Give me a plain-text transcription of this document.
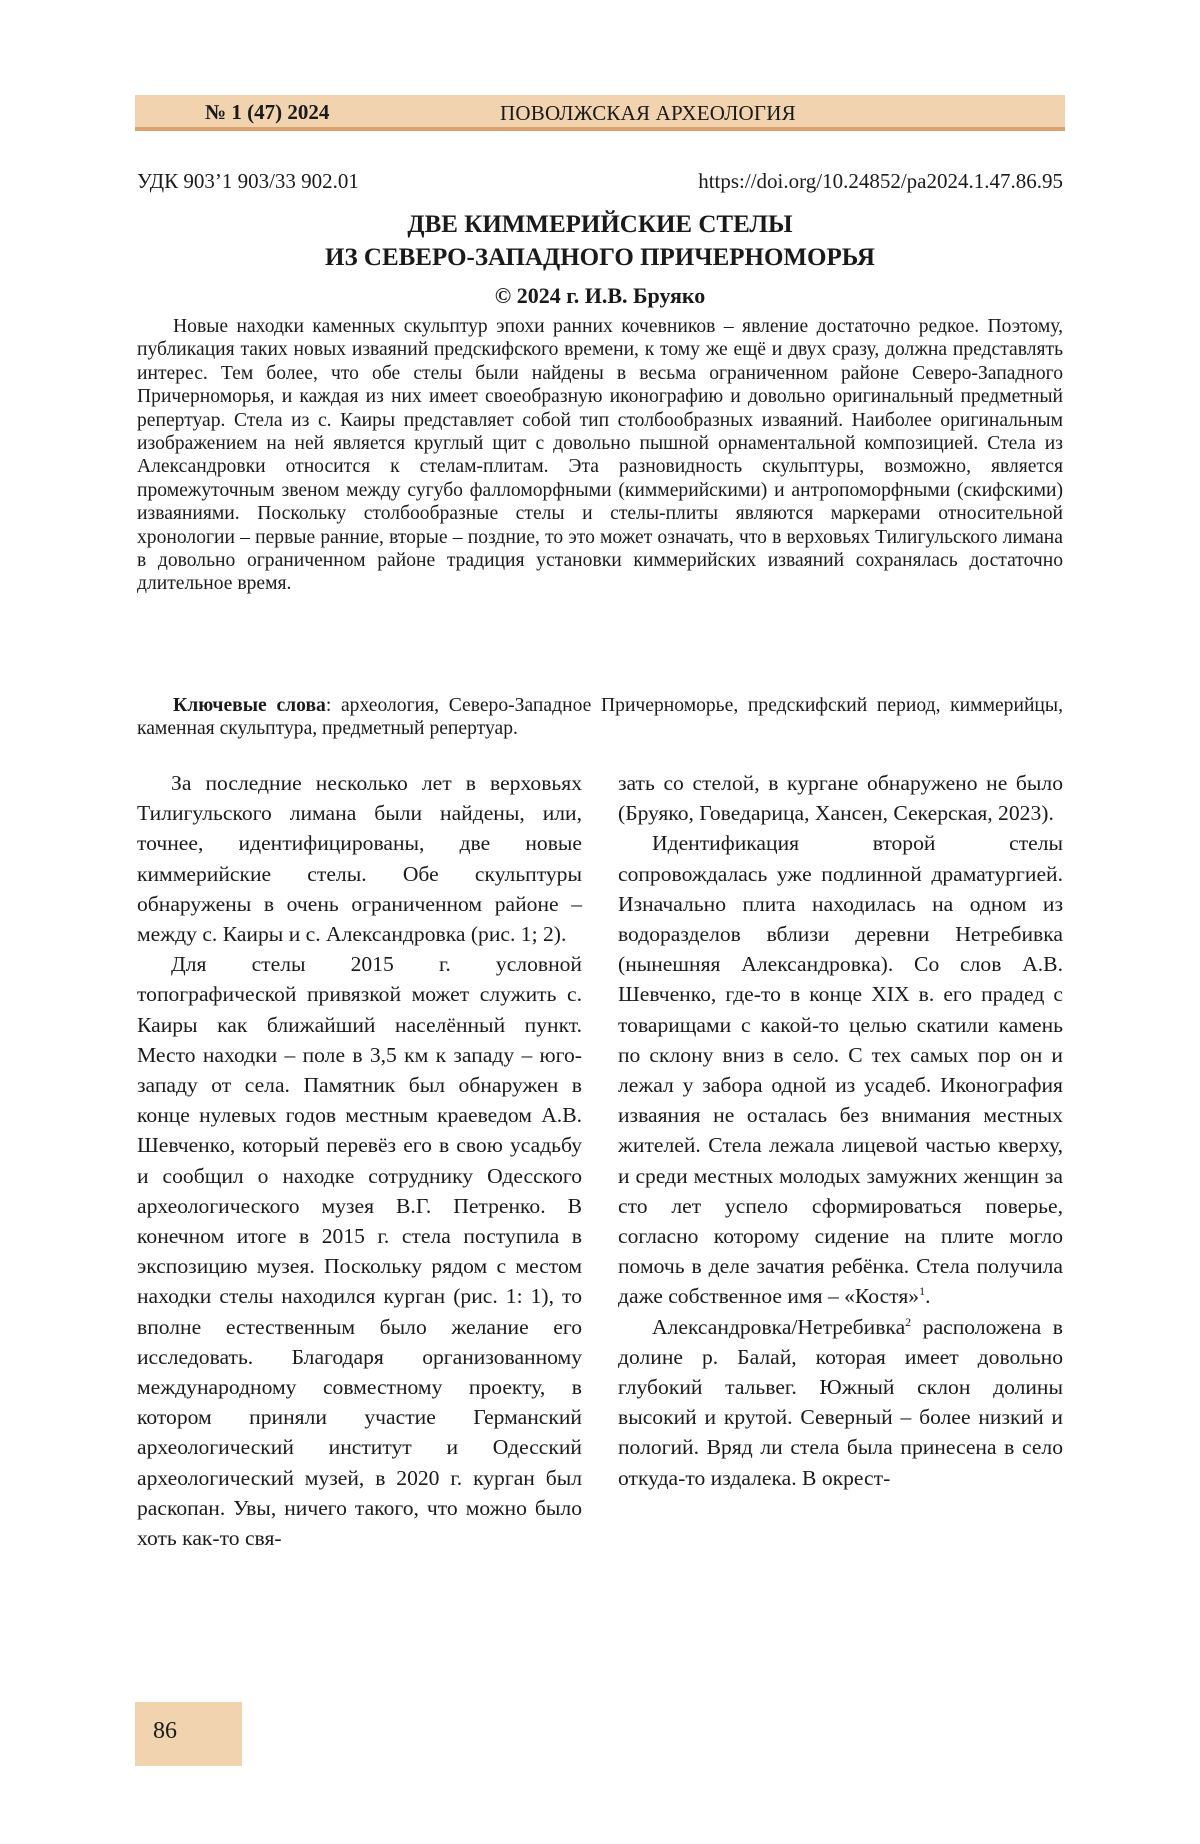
№ 1 (47) 2024	ПОВОЛЖСКАЯ АРХЕОЛОГИЯ
УДК 903’1 903/33 902.01	https://doi.org/10.24852/pa2024.1.47.86.95
ДВЕ КИММЕРИЙСКИЕ СТЕЛЫ
ИЗ СЕВЕРО-ЗАПАДНОГО ПРИЧЕРНОМОРЬЯ
© 2024 г. И.В. Бруяко

Новые находки каменных скульптур эпохи ранних кочевников – явление достаточно редкое. Поэтому, публикация таких новых изваяний предскифского времени, к тому же ещё и двух сразу, должна представлять интерес. Тем более, что обе стелы были найдены в весьма ограниченном районе Северо-Западного Причерноморья, и каждая из них имеет своеобразную иконографию и довольно оригинальный предметный репертуар. Стела из с. Каиры представляет собой тип столбообразных изваяний. Наиболее оригинальным изображением на ней является круглый щит с довольно пышной орнаментальной композицией. Стела из Александровки относится к стелам-плитам. Эта разновидность скульптуры, возможно, является промежуточным звеном между сугубо фалломорфными (киммерийскими) и антропоморфными (скифскими) изваяниями. Поскольку столбообразные стелы и стелы-плиты являются маркерами относительной хронологии – первые ранние, вторые – поздние, то это может означать, что в верховьях Тилигульского лимана в довольно ограниченном районе традиция установки киммерийских изваяний сохранялась достаточно длительное время.

Ключевые слова: археология, Северо-Западное Причерноморье, предскифский период, киммерийцы, каменная скульптура, предметный репертуар.

За последние несколько лет в верховьях Тилигульского лимана были найдены, или, точнее, идентифицированы, две новые киммерийские стелы. Обе скульптуры обнаружены в очень ограниченном районе – между с. Каиры и с. Александровка (рис. 1; 2).

Для стелы 2015 г. условной топографической привязкой может служить с. Каиры как ближайший населённый пункт. Место находки – поле в 3,5 км к западу – юго-западу от села. Памятник был обнаружен в конце нулевых годов местным краеведом А.В. Шевченко, который перевёз его в свою усадьбу и сообщил о находке сотруднику Одесского археологического музея В.Г. Петренко. В конечном итоге в 2015 г. стела поступила в экспозицию музея. Поскольку рядом с местом находки стелы находился курган (рис. 1: 1), то вполне естественным было желание его исследовать. Благодаря организованному международному совместному проекту, в котором приняли участие Германский археологический институт и Одесский археологический музей, в 2020 г. курган был раскопан. Увы, ничего такого, что можно было хоть как-то свя-

зать со стелой, в кургане обнаружено не было (Бруяко, Говедарица, Хансен, Секерская, 2023).

Идентификация второй стелы сопровождалась уже подлинной драматургией. Изначально плита находилась на одном из водоразделов вблизи деревни Нетребивка (нынешняя Александровка). Со слов А.В. Шевченко, где-то в конце XIX в. его прадед с товарищами с какой-то целью скатили камень по склону вниз в село. С тех самых пор он и лежал у забора одной из усадеб. Иконография изваяния не осталась без внимания местных жителей. Стела лежала лицевой частью кверху, и среди местных молодых замужних женщин за сто лет успело сформироваться поверье, согласно которому сидение на плите могло помочь в деле зачатия ребёнка. Стела получила даже собственное имя – «Костя»$^1$.

Александровка/Нетребивка$^2$ расположена в долине р. Балай, которая имеет довольно глубокий тальвег. Южный склон долины высокий и крутой. Северный – более низкий и пологий. Вряд ли стела была принесена в село откуда-то издалека. В окрест-

86
